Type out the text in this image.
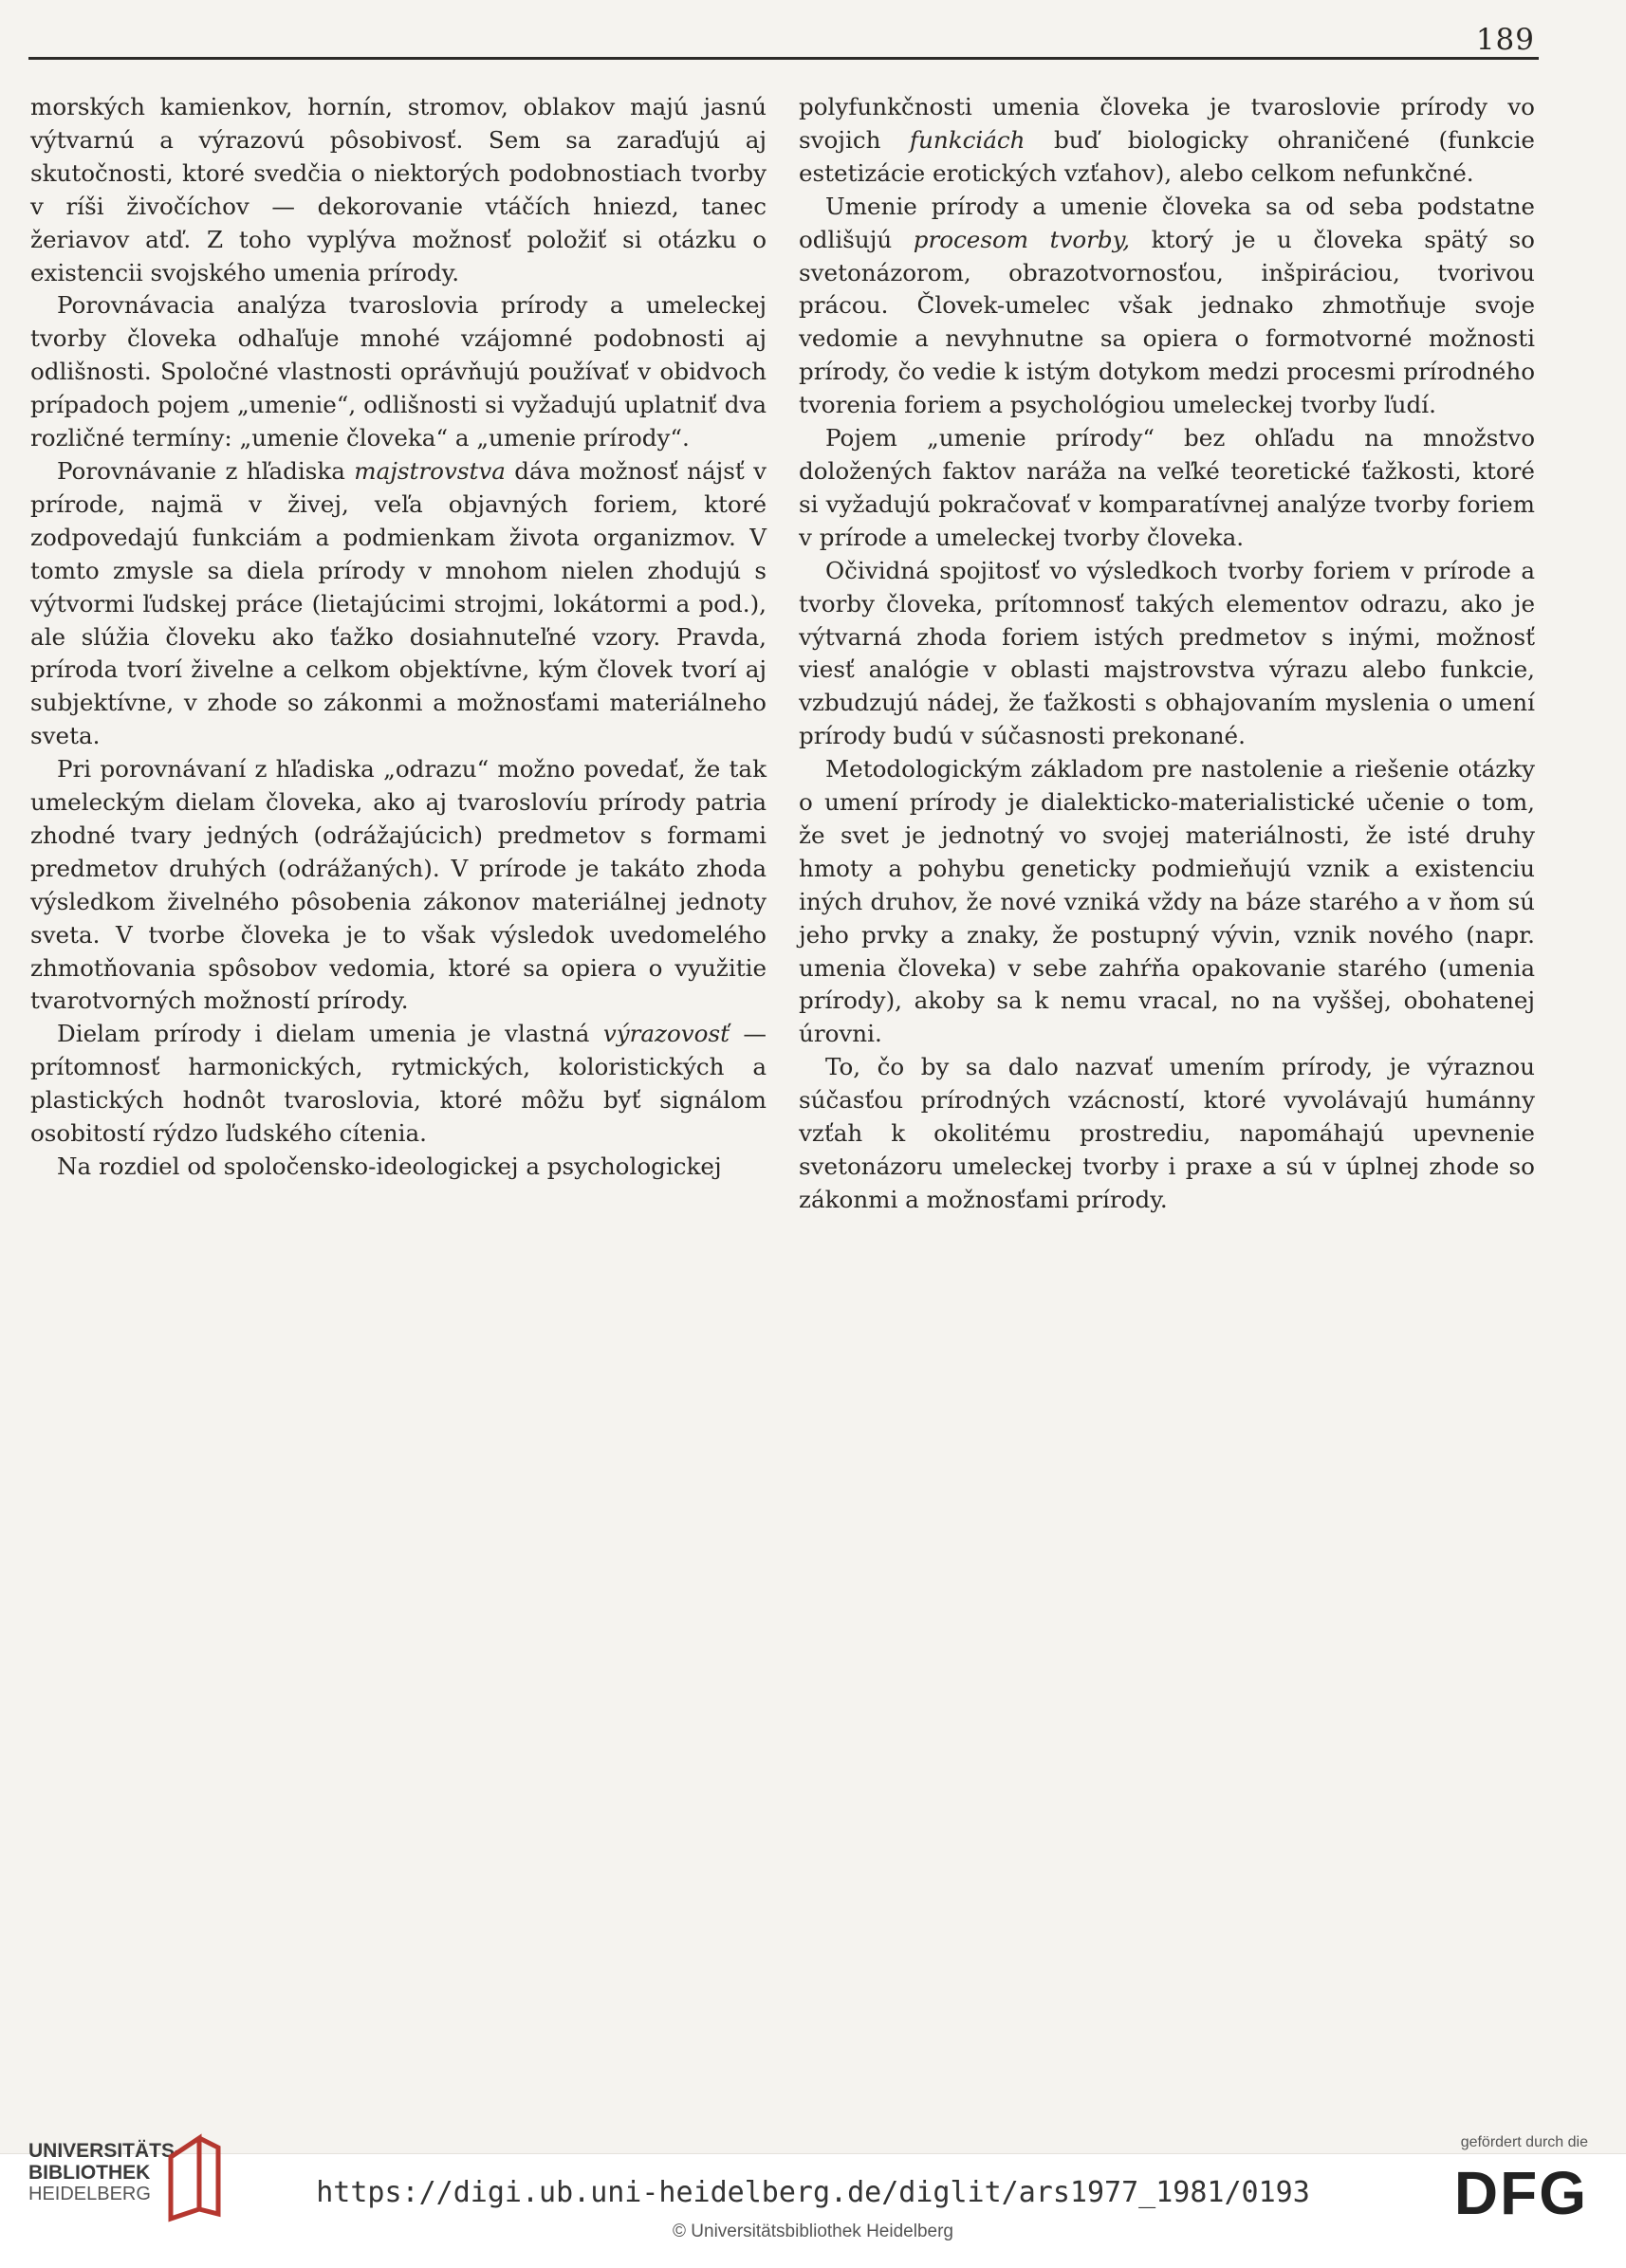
189

morských kamienkov, hornín, stromov, oblakov majú jasnú výtvarnú a výrazovú pôsobivosť. Sem sa zaraďujú aj skutočnosti, ktoré svedčia o niektorých podobnostiach tvorby v ríši živočíchov — dekorovanie vtáčích hniezd, tanec žeriavov atď. Z toho vyplýva možnosť položiť si otázku o existencii svojského umenia prírody.

Porovnávacia analýza tvaroslovia prírody a umeleckej tvorby človeka odhaľuje mnohé vzájomné podobnosti aj odlišnosti. Spoločné vlastnosti oprávňujú používať v obidvoch prípadoch pojem „umenie“, odlišnosti si vyžadujú uplatniť dva rozličné termíny: „umenie človeka“ a „umenie prírody“.

Porovnávanie z hľadiska majstrovstva dáva možnosť nájsť v prírode, najmä v živej, veľa objavných foriem, ktoré zodpovedajú funkciám a podmienkam života organizmov. V tomto zmysle sa diela prírody v mnohom nielen zhodujú s výtvormi ľudskej práce (lietajúcimi strojmi, lokátormi a pod.), ale slúžia človeku ako ťažko dosiahnuteľné vzory. Pravda, príroda tvorí živelne a celkom objektívne, kým človek tvorí aj subjektívne, v zhode so zákonmi a možnosťami materiálneho sveta.

Pri porovnávaní z hľadiska „odrazu“ možno povedať, že tak umeleckým dielam človeka, ako aj tvaroslovíu prírody patria zhodné tvary jedných (odrážajúcich) predmetov s formami predmetov druhých (odrážaných). V prírode je takáto zhoda výsledkom živelného pôsobenia zákonov materiálnej jednoty sveta. V tvorbe človeka je to však výsledok uvedomelého zhmotňovania spôsobov vedomia, ktoré sa opiera o využitie tvarotvorných možností prírody.

Dielam prírody i dielam umenia je vlastná výrazovosť — prítomnosť harmonických, rytmických, koloristických a plastických hodnôt tvaroslovia, ktoré môžu byť signálom osobitostí rýdzo ľudského cítenia.

Na rozdiel od spoločensko-ideologickej a psychologickej

polyfunkčnosti umenia človeka je tvaroslovie prírody vo svojich funkciách buď biologicky ohraničené (funkcie estetizácie erotických vzťahov), alebo celkom nefunkčné.

Umenie prírody a umenie človeka sa od seba podstatne odlišujú procesom tvorby, ktorý je u človeka spätý so svetonázorom, obrazotvornosťou, inšpiráciou, tvorivou prácou. Človek-umelec však jednako zhmotňuje svoje vedomie a nevyhnutne sa opiera o formotvorné možnosti prírody, čo vedie k istým dotykom medzi procesmi prírodného tvorenia foriem a psychológiou umeleckej tvorby ľudí.

Pojem „umenie prírody“ bez ohľadu na množstvo doložených faktov naráža na veľké teoretické ťažkosti, ktoré si vyžadujú pokračovať v komparatívnej analýze tvorby foriem v prírode a umeleckej tvorby človeka.

Očividná spojitosť vo výsledkoch tvorby foriem v prírode a tvorby človeka, prítomnosť takých elementov odrazu, ako je výtvarná zhoda foriem istých predmetov s inými, možnosť viesť analógie v oblasti majstrovstva výrazu alebo funkcie, vzbudzujú nádej, že ťažkosti s obhajovaním myslenia o umení prírody budú v súčasnosti prekonané.

Metodologickým základom pre nastolenie a riešenie otázky o umení prírody je dialekticko-materialistické učenie o tom, že svet je jednotný vo svojej materiálnosti, že isté druhy hmoty a pohybu geneticky podmieňujú vznik a existenciu iných druhov, že nové vzniká vždy na báze starého a v ňom sú jeho prvky a znaky, že postupný vývin, vznik nového (napr. umenia človeka) v sebe zahŕňa opakovanie starého (umenia prírody), akoby sa k nemu vracal, no na vyššej, obohatenej úrovni.

To, čo by sa dalo nazvať umením prírody, je výraznou súčasťou prírodných vzácností, ktoré vyvolávajú humánny vzťah k okolitému prostrediu, napomáhajú upevnenie svetonázoru umeleckej tvorby i praxe a sú v úplnej zhode so zákonmi a možnosťami prírody.

UNIVERSITÄTS-
BIBLIOTHEK
HEIDELBERG	https://digi.ub.uni-heidelberg.de/diglit/ars1977_1981/0193
© Universitätsbibliothek Heidelberg
gefördert durch die
DFG
